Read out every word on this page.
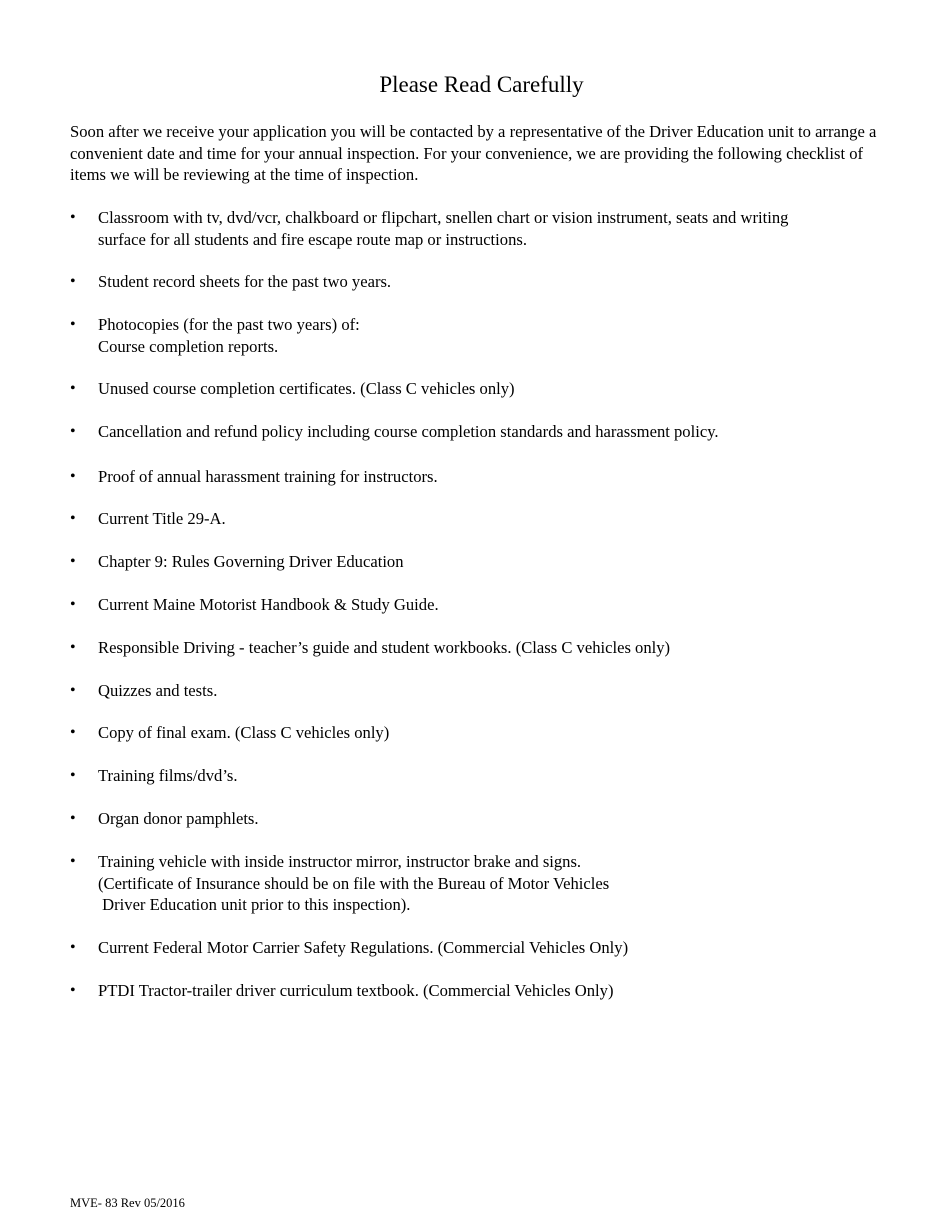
Please Read Carefully

Soon after we receive your application you will be contacted by a representative of the Driver Education unit to arrange a convenient date and time for your annual inspection. For your convenience, we are providing the following checklist of items we will be reviewing at the time of inspection.

•	Classroom with tv, dvd/vcr, chalkboard or flipchart, snellen chart or vision instrument, seats and writing
surface for all students and fire escape route map or instructions.
•	Student record sheets for the past two years.
•	Photocopies (for the past two years) of:
Course completion reports.
•	Unused course completion certificates. (Class C vehicles only)
•	Cancellation and refund policy including course completion standards and harassment policy.
•	Proof of annual harassment training for instructors.
•	Current Title 29-A.
•	Chapter 9: Rules Governing Driver Education
•	Current Maine Motorist Handbook & Study Guide.
•	Responsible Driving - teacher’s guide and student workbooks. (Class C vehicles only)
•	Quizzes and tests.
•	Copy of final exam. (Class C vehicles only)
•	Training films/dvd’s.
•	Organ donor pamphlets.
•	Training vehicle with inside instructor mirror, instructor brake and signs.
(Certificate of Insurance should be on file with the Bureau of Motor Vehicles
Driver Education unit prior to this inspection).
•	Current Federal Motor Carrier Safety Regulations. (Commercial Vehicles Only)
•	PTDI Tractor-trailer driver curriculum textbook. (Commercial Vehicles Only)
MVE- 83 Rev 05/2016
